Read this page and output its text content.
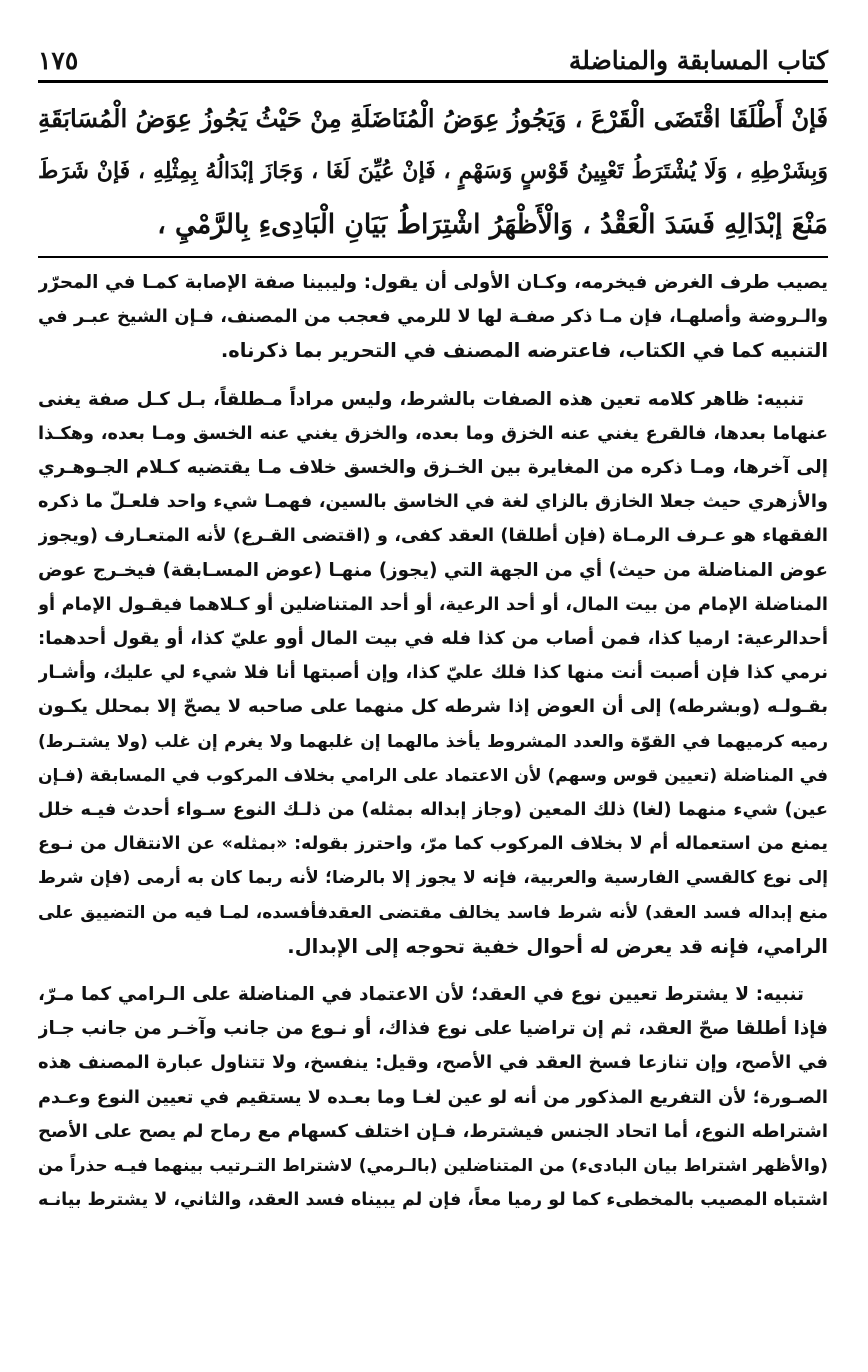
كتاب المسابقة والمناضلة
١٧٥
فَإنْ أَطْلَقَا اقْتَضَى الْقَرْعَ ، وَيَجُوزُ عِوَضُ الْمُنَاضَلَةِ مِنْ حَيْثُ يَجُوزُ عِوَضُ الْمُسَابَقَةِ
وَبِشَرْطِهِ ، وَلَا يُشْتَرَطُ تَعْيِينُ قَوْسٍ وَسَهْمٍ ، فَإنْ عُيِّنَ لَغَا ، وَجَازَ إبْدَالُهُ بِمِثْلِهِ ، فَإنْ شَرَطَ
مَنْعَ إبْدَالِهِ فَسَدَ الْعَقْدُ ، وَالْأَظْهَرُ اشْتِرَاطُ بَيَانِ الْبَادِىءِ بِالرَّمْيِ ،
يصيب طرف الغرض فيخرمه، وكـان الأولى أن يقول: وليبينا صفة الإصابة كمـا في المحرّر
والـروضة وأصلهـا، فإن مـا ذكر صفـة لها لا للرمي فعجب من المصنف، فـإن الشيخ عبـر في
التنبيه كما في الكتاب، فاعترضه المصنف في التحرير بما ذكرناه.
تنبيه: ظاهر كلامه تعين هذه الصفات بالشرط، وليس مراداً مـطلقاً، بـل كـل صفة يغنى
عنهاما بعدها، فالقرع يغني عنه الخزق وما بعده، والخزق يغني عنه الخسق ومـا بعده، وهكـذا
إلى آخرها، ومـا ذكره من المغايرة بين الخـزق والخسق خلاف مـا يقتضيه كـلام الجـوهـري
والأزهري حيث جعلا الخازق بالزاي لغة في الخاسق بالسين، فهمـا شيء واحد فلعـلّ ما ذكره
الفقهاء هو عـرف الرمـاة (فإن أطلقا) العقد كفى، و (اقتضى القـرع) لأنه المتعـارف (ويجوز
عوض المناضلة من حيث) أي من الجهة التي (يجوز) منهـا (عوض المسـابقة) فيخـرج عوض
المناضلة الإمام من بيت المال، أو أحد الرعية، أو أحد المتناضلين أو كـلاهما فيقـول الإمام أو
أحدالرعية: ارميا كذا، فمن أصاب من كذا فله في بيت المال أوو عليّ كذا، أو يقول أحدهما:
نرمي كذا فإن أصبت أنت منها كذا فلك عليّ كذا، وإن أصبتها أنا فلا شيء لي عليك، وأشـار
بقـولـه (وبشرطه) إلى أن العوض إذا شرطه كل منهما على صاحبه لا يصحّ إلا بمحلل يكـون
رميه كرميهما في القوّة والعدد المشروط يأخذ مالهما إن غلبهما ولا يغرم إن غلب (ولا يشتـرط)
في المناضلة (تعيين قوس وسهم) لأن الاعتماد على الرامي بخلاف المركوب في المسابقة (فـإن
عين) شيء منهما (لغا) ذلك المعين (وجاز إبداله بمثله) من ذلـك النوع سـواء أحدث فيـه خلل
يمنع من استعماله أم لا بخلاف المركوب كما مرّ، واحترز بقوله: «بمثله» عن الانتقال من نـوع
إلى نوع كالقسي الفارسية والعربية، فإنه لا يجوز إلا بالرضا؛ لأنه ربما كان به أرمى (فإن شرط
منع إبداله فسد العقد) لأنه شرط فاسد يخالف مقتضى العقدفأفسده، لمـا فيه من التضييق على
الرامي، فإنه قد يعرض له أحوال خفية تحوجه إلى الإبدال.
تنبيه: لا يشترط تعيين نوع في العقد؛ لأن الاعتماد في المناضلة على الـرامي كما مـرّ،
فإذا أطلقا صحّ العقد، ثم إن تراضيا على نوع فذاك، أو نـوع من جانب وآخـر من جانب جـاز
في الأصح، وإن تنازعا فسخ العقد في الأصح، وقيل: ينفسخ، ولا تتناول عبارة المصنف هذه
الصـورة؛ لأن التفريع المذكور من أنه لو عين لغـا وما بعـده لا يستقيم في تعيين النوع وعـدم
اشتراطه النوع، أما اتحاد الجنس فيشترط، فـإن اختلف كسهام مع رماح لم يصح على الأصح
(والأظهر اشتراط بيان البادىء) من المتناضلين (بالـرمي) لاشتراط التـرتيب بينهما فيـه حذراً من
اشتباه المصيب بالمخطىء كما لو رميا معاً، فإن لم يبيناه فسد العقد، والثاني، لا يشترط بيانـه
